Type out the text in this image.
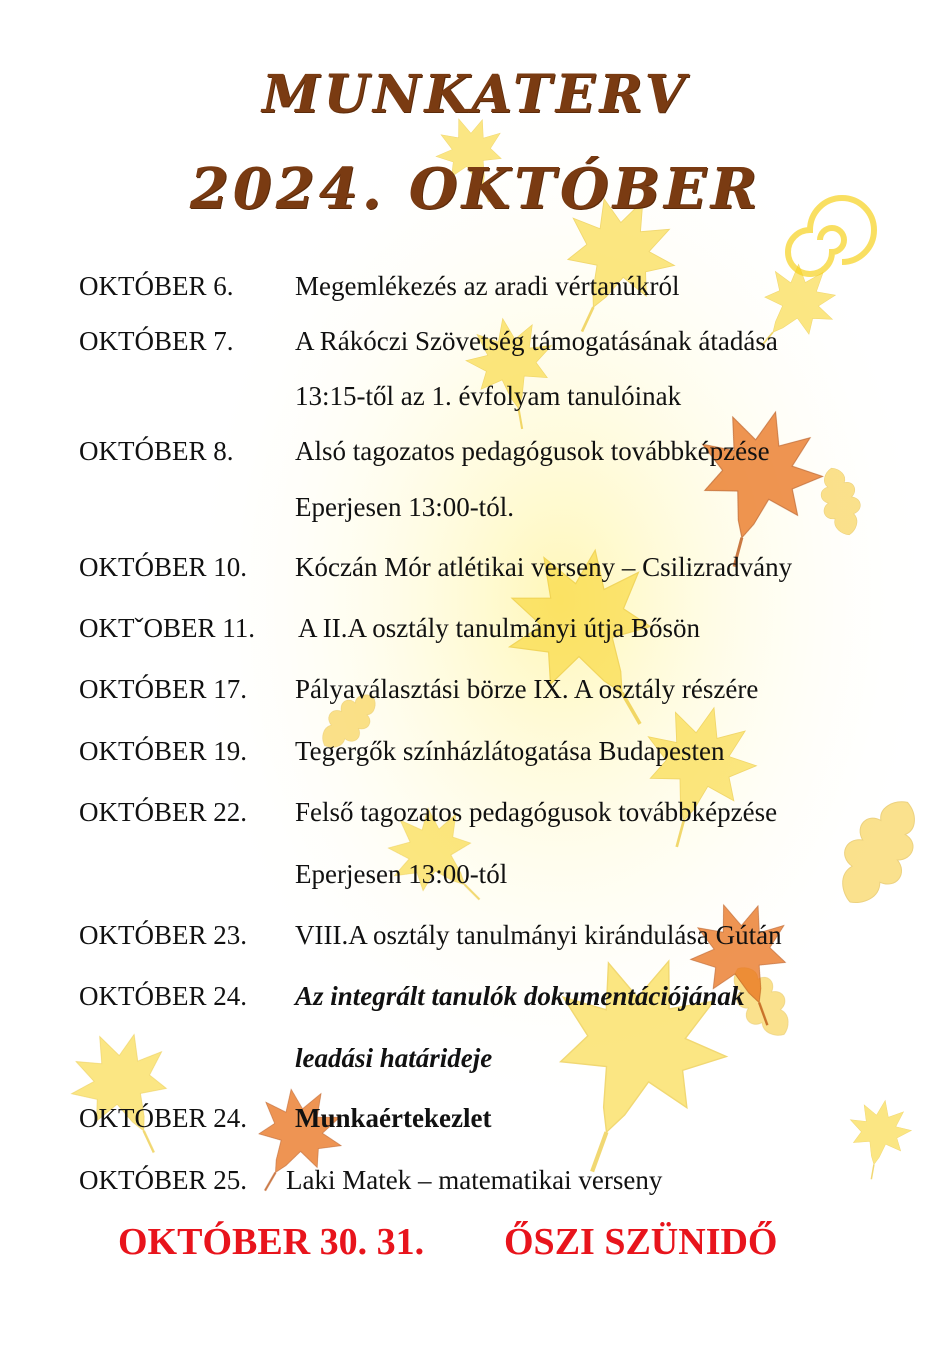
MUNKATERV
2024. OKTÓBER
OKTÓBER 6. Megemlékezés az aradi vértanúkról
OKTÓBER 7. A Rákóczi Szövetség támogatásának átadása
13:15-től az 1. évfolyam tanulóinak
OKTÓBER 8. Alsó tagozatos pedagógusok továbbképzése
Eperjesen 13:00-tól.
OKTÓBER 10. Kóczán Mór atlétikai verseny – Csilizradvány
OKTˇOBER 11. A II.A osztály tanulmányi útja Bősön
OKTÓBER 17. Pályaválasztási börze IX. A osztály részére
OKTÓBER 19. Tegergők színházlátogatása Budapesten
OKTÓBER 22. Felső tagozatos pedagógusok továbbképzése
Eperjesen 13:00-tól
OKTÓBER 23. VIII.A osztály tanulmányi kirándulása Gútán
OKTÓBER 24. Az integrált tanulók dokumentációjának
leadási határideje
OKTÓBER 24. Munkaértekezlet
OKTÓBER 25. Laki Matek – matematikai verseny
OKTÓBER 30. 31. ŐSZI SZÜNIDŐ
